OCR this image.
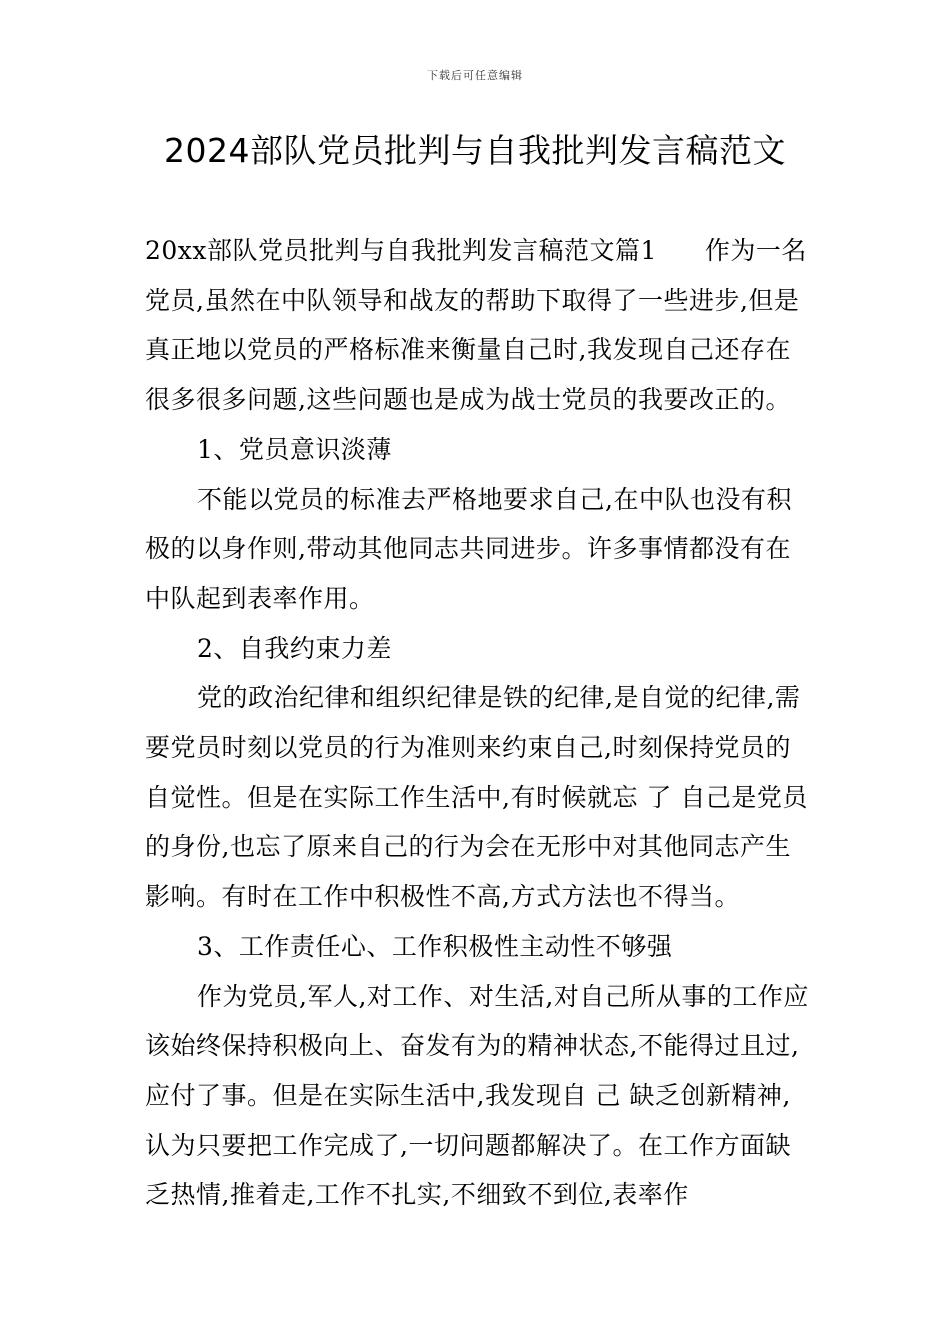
下载后可任意编辑
2024部队党员批判与自我批判发言稿范文

20xx部队党员批判与自我批判发言稿范文篇1 作为一名党员,虽然在中队领导和战友的帮助下取得了一些进步,但是真正地以党员的严格标准来衡量自己时,我发现自己还存在很多很多问题,这些问题也是成为战士党员的我要改正的。

1、党员意识淡薄

不能以党员的标准去严格地要求自己,在中队也没有积极的以身作则,带动其他同志共同进步。许多事情都没有在中队起到表率作用。

2、自我约束力差

党的政治纪律和组织纪律是铁的纪律,是自觉的纪律,需要党员时刻以党员的行为准则来约束自己,时刻保持党员的自觉性。但是在实际工作生活中,有时候就忘 了 自己是党员的身份,也忘了原来自己的行为会在无形中对其他同志产生影响。有时在工作中积极性不高,方式方法也不得当。

3、工作责任心、工作积极性主动性不够强

作为党员,军人,对工作、对生活,对自己所从事的工作应该始终保持积极向上、奋发有为的精神状态,不能得过且过,应付了事。但是在实际生活中,我发现自 己 缺乏创新精神,认为只要把工作完成了,一切问题都解决了。在工作方面缺乏热情,推着走,工作不扎实,不细致不到位,表率作
